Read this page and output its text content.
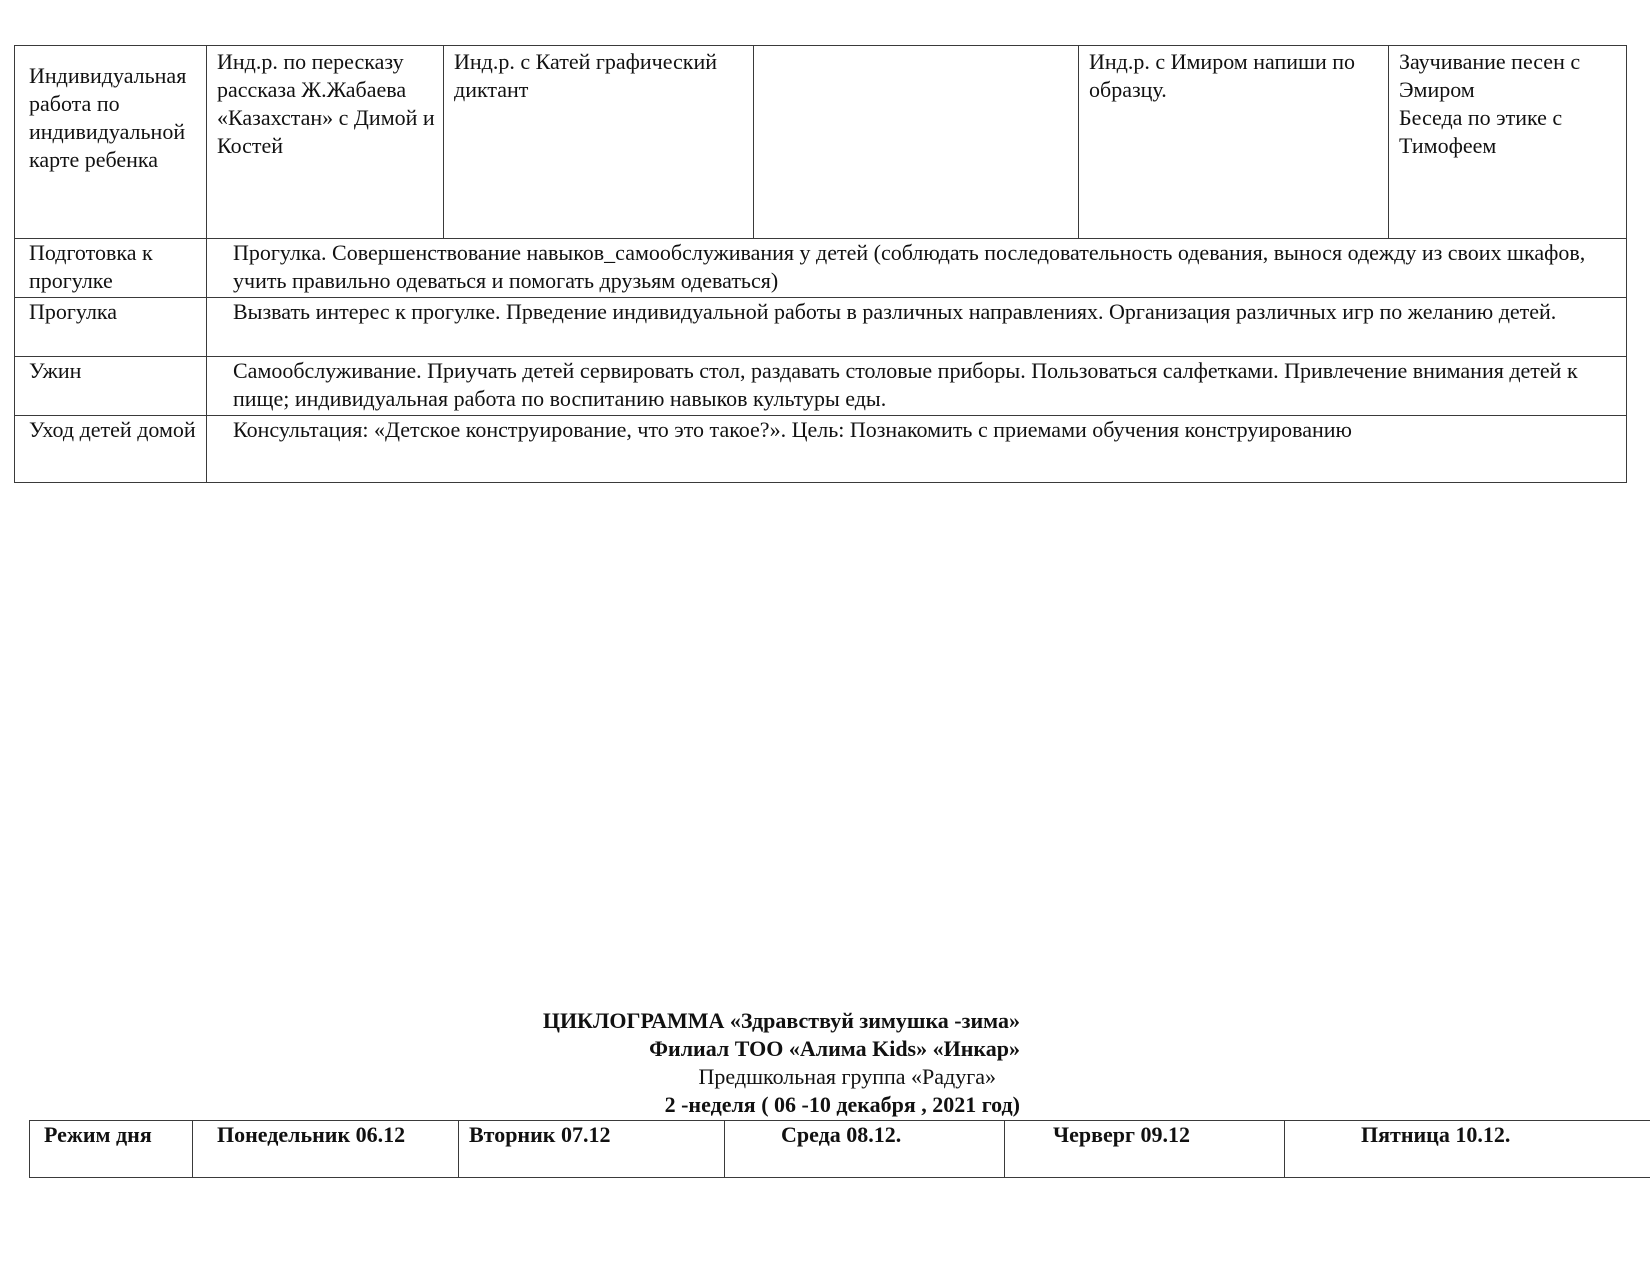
Индивидуальная работа по индивидуальной карте ребенка	Инд.р. по пересказу рассказа Ж.Жабаева «Казахстан» с Димой и Костей	Инд.р. с Катей графический диктант		Инд.р. с Имиром напиши по образцу.	Заучивание песен с Эмиром
Беседа по этике с Тимофеем

Подготовка к прогулке	Прогулка. Совершенствование навыков_самообслуживания у детей (соблюдать последовательность одевания, вынося одежду из своих шкафов, учить правильно одеваться и помогать друзьям одеваться)				
Прогулка	Вызвать интерес к прогулке. Прведение индивидуальной работы в различных направлениях. Организация различных игр по желанию детей.				
Ужин	Самообслуживание. Приучать детей сервировать стол, раздавать столовые приборы. Пользоваться салфетками. Привлечение внимания детей к пище; индивидуальная работа по воспитанию навыков культуры еды.				
Уход детей домой	Консультация: «Детское конструирование, что это такое?». Цель: Познакомить с приемами обучения конструированию				
ЦИКЛОГРАММА «Здравствуй зимушка -зима»
Филиал ТОО «Алима Kids» «Инкар»
Предшкольная группа «Радуга»
2 -неделя ( 06 -10 декабря , 2021 год)
Режим дня	Понедельник 06.12	Вторник 07.12	Среда 08.12.	Черверг 09.12	Пятница 10.12.
